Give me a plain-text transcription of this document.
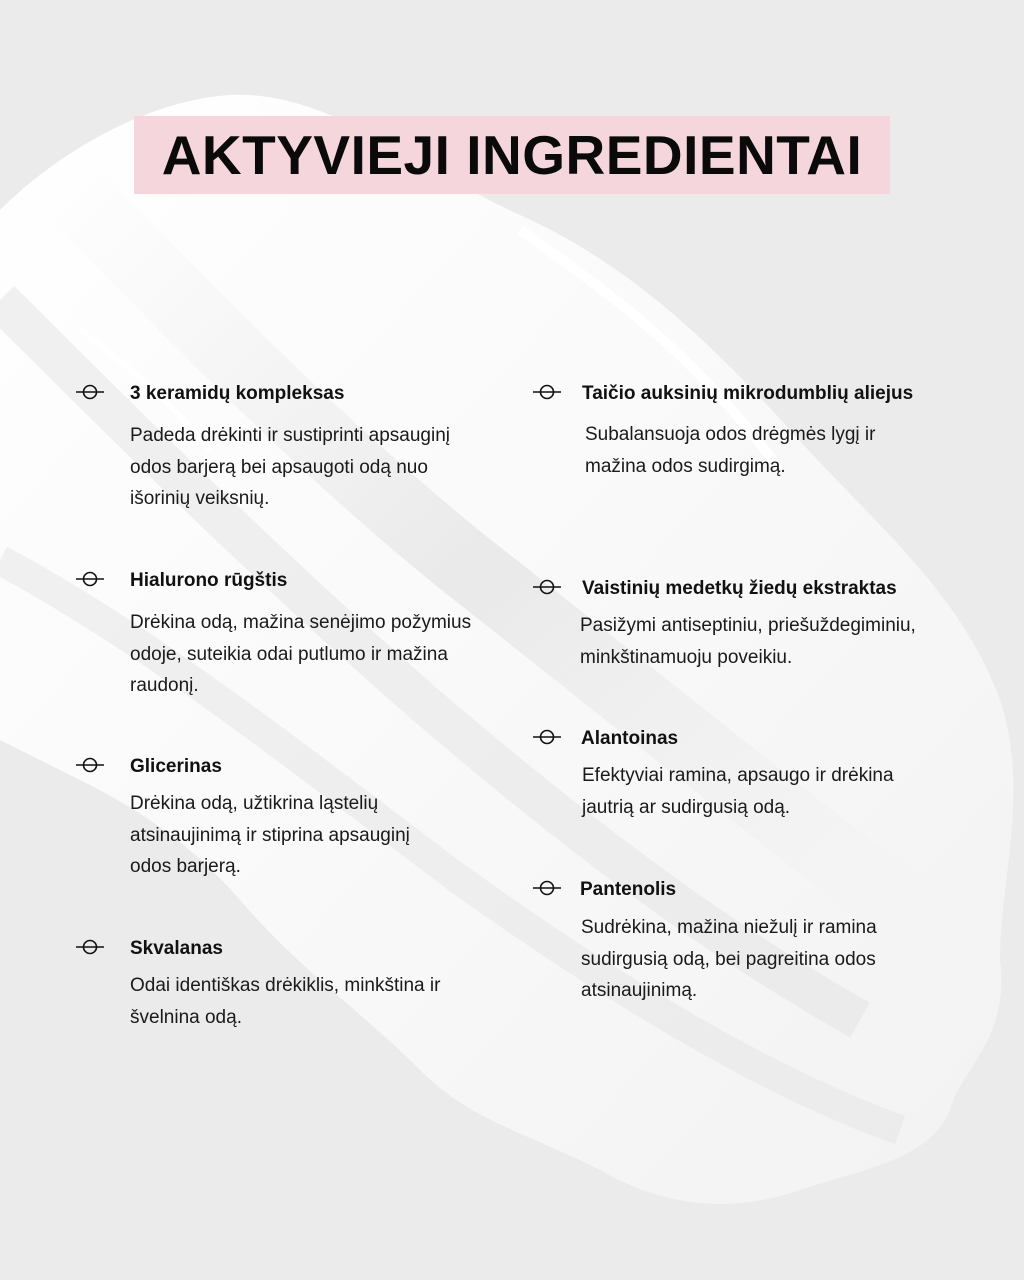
AKTYVIEJI INGREDIENTAI
3 keramidų kompleksas

Padeda drėkinti ir sustiprinti apsauginį
odos barjerą bei apsaugoti odą nuo
išorinių veiksnių.

Hialurono rūgštis

Drėkina odą, mažina senėjimo požymius
odoje, suteikia odai putlumo ir mažina
raudonį.

Glicerinas

Drėkina odą, užtikrina ląstelių
atsinaujinimą ir stiprina apsauginį
odos barjerą.

Skvalanas

Odai identiškas drėkiklis, minkština ir
švelnina odą.

Taičio auksinių mikrodumblių aliejus

Subalansuoja odos drėgmės lygį ir
mažina odos sudirgimą.

Vaistinių medetkų žiedų ekstraktas

Pasižymi antiseptiniu, priešuždegiminiu,
minkštinamuoju poveikiu.

Alantoinas

Efektyviai ramina, apsaugo ir drėkina
jautrią ar sudirgusią odą.

Pantenolis

Sudrėkina, mažina niežulį ir ramina
sudirgusią odą, bei pagreitina odos
atsinaujinimą.
